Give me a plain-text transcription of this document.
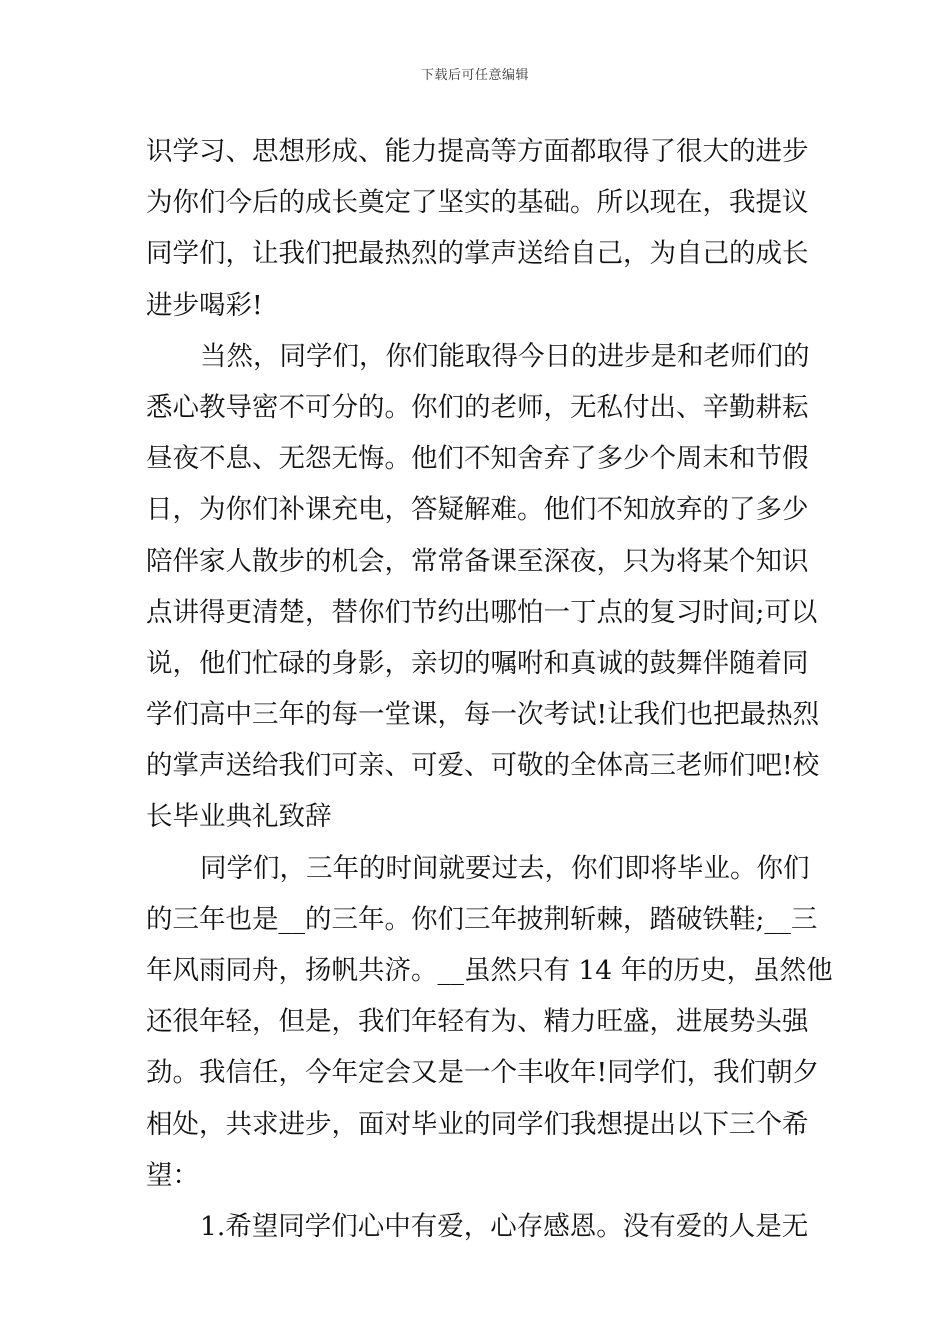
下载后可任意编辑

识学习、思想形成、能力提高等方面都取得了很大的进步
为你们今后的成长奠定了坚实的基础。所以现在，我提议
同学们，让我们把最热烈的掌声送给自己，为自己的成长
进步喝彩!

当然，同学们，你们能取得今日的进步是和老师们的
悉心教导密不可分的。你们的老师，无私付出、辛勤耕耘
昼夜不息、无怨无悔。他们不知舍弃了多少个周末和节假
日，为你们补课充电，答疑解难。他们不知放弃的了多少
陪伴家人散步的机会，常常备课至深夜，只为将某个知识
点讲得更清楚，替你们节约出哪怕一丁点的复习时间;可以
说，他们忙碌的身影，亲切的嘱咐和真诚的鼓舞伴随着同
学们高中三年的每一堂课，每一次考试!让我们也把最热烈
的掌声送给我们可亲、可爱、可敬的全体高三老师们吧!校
长毕业典礼致辞

同学们，三年的时间就要过去，你们即将毕业。你们
的三年也是__的三年。你们三年披荆斩棘，踏破铁鞋;__三
年风雨同舟，扬帆共济。__虽然只有 14 年的历史，虽然他
还很年轻，但是，我们年轻有为、精力旺盛，进展势头强
劲。我信任，今年定会又是一个丰收年!同学们，我们朝夕
相处，共求进步，面对毕业的同学们我想提出以下三个希
望：

1.希望同学们心中有爱，心存感恩。没有爱的人是无
